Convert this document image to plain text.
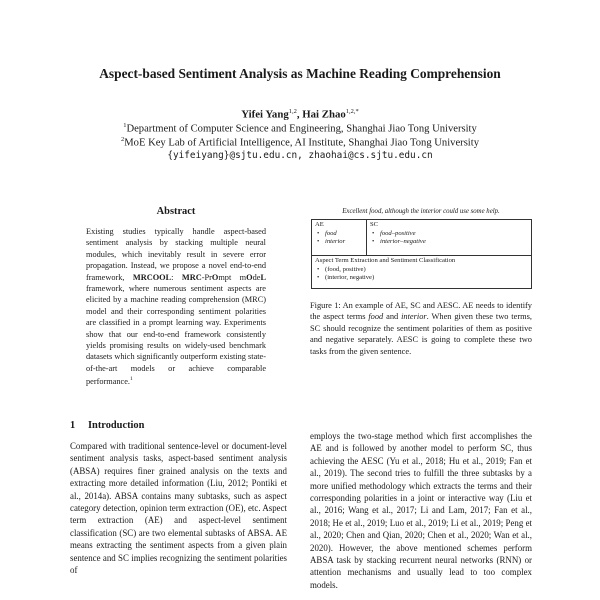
Aspect-based Sentiment Analysis as Machine Reading Comprehension
Yifei Yang$^{1,2}$, Hai Zhao$^{1,2,*}$
$^1$Department of Computer Science and Engineering, Shanghai Jiao Tong University
$^2$MoE Key Lab of Artificial Intelligence, AI Institute, Shanghai Jiao Tong University
{yifeiyang}@sjtu.edu.cn, zhaohai@cs.sjtu.edu.cn
Abstract
Existing studies typically handle aspect-based sentiment analysis by stacking multiple neural modules, which inevitably result in severe error propagation. Instead, we propose a novel end-to-end framework, MRCOOL: MRC-PrOmpt mOdeL framework, where numerous sentiment aspects are elicited by a machine reading comprehension (MRC) model and their corresponding sentiment polarities are classified in a prompt learning way. Experiments show that our end-to-end framework consistently yields promising results on widely-used benchmark datasets which significantly outperform existing state-of-the-art models or achieve comparable performance.$^1$
1 Introduction
Compared with traditional sentence-level or document-level sentiment analysis tasks, aspect-based sentiment analysis (ABSA) requires finer grained analysis on the texts and extracting more detailed information (Liu, 2012; Pontiki et al., 2014a). ABSA contains many subtasks, such as aspect category detection, opinion term extraction (OE), etc. Aspect term extraction (AE) and aspect-level sentiment classification (SC) are two elemental subtasks of ABSA. AE means extracting the sentiment aspects from a given plain sentence and SC implies recognizing the sentiment polarities of
Excellent food, although the interior could use some help.
AE
• food
• interior
SC
• food–positive
• interior–negative
Aspect Term Extraction and Sentiment Classification
• (food, positive)
• (interior, negative)
Figure 1: An example of AE, SC and AESC. AE needs to identify the aspect terms food and interior. When given these two terms, SC should recognize the sentiment polarities of them as positive and negative separately. AESC is going to complete these two tasks from the given sentence.
employs the two-stage method which first accomplishes the AE and is followed by another model to perform SC, thus achieving the AESC (Yu et al., 2018; Hu et al., 2019; Fan et al., 2019). The second tries to fulfill the three subtasks by a more unified methodology which extracts the terms and their corresponding polarities in a joint or interactive way (Liu et al., 2016; Wang et al., 2017; Li and Lam, 2017; Fan et al., 2018; He et al., 2019; Luo et al., 2019; Li et al., 2019; Peng et al., 2020; Chen and Qian, 2020; Chen et al., 2020; Wan et al., 2020). However, the above mentioned schemes perform ABSA task by stacking recurrent neural networks (RNN) or attention mechanisms and usually lead to too complex models.
